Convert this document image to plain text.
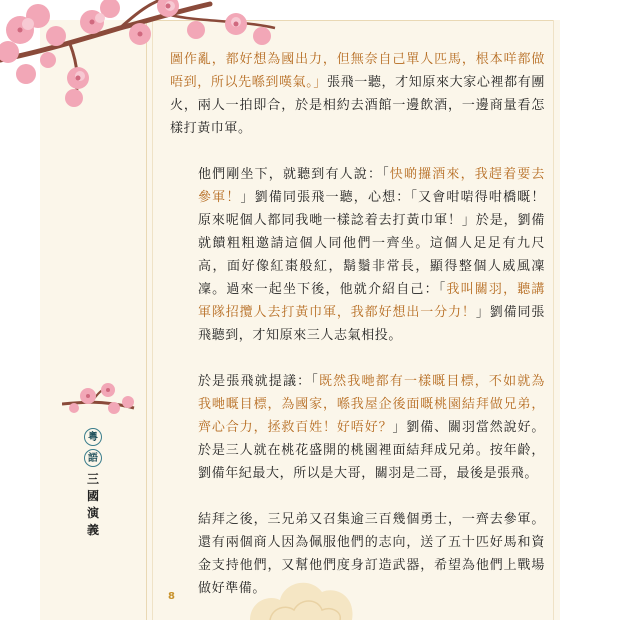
圖作亂，都好想為國出力，但無奈自己單人匹馬，根本咩都做唔到，所以先喺到嘆氣。」張飛一聽，才知原來大家心裡都有團火，兩人一拍即合，於是相約去酒館一邊飲酒，一邊商量看怎樣打黃巾軍。

他們剛坐下，就聽到有人說：「快啲攞酒來，我趕着要去參軍！」劉備同張飛一聽，心想：「又會咁啱得咁橋嘅！原來呢個人都同我哋一樣諗着去打黃巾軍！」於是，劉備就饋粗粗邀請這個人同他們一齊坐。這個人足足有九尺高，面好像紅棗般紅，鬍鬚非常長，顯得整個人威風凜凜。過來一起坐下後，他就介紹自己：「我叫關羽，聽講軍隊招攬人去打黃巾軍，我都好想出一分力！」劉備同張飛聽到，才知原來三人志氣相投。

於是張飛就提議：「既然我哋都有一樣嘅目標，不如就為我哋嘅目標，為國家，喺我屋企後面嘅桃園結拜做兄弟，齊心合力，拯救百姓！好唔好？」劉備、關羽當然說好。於是三人就在桃花盛開的桃園裡面結拜成兄弟。按年齡，劉備年紀最大，所以是大哥，關羽是二哥，最後是張飛。

結拜之後，三兄弟又召集逾三百幾個勇士，一齊去參軍。還有兩個商人因為佩服他們的志向，送了五十匹好馬和資金支持他們，又幫他們度身訂造武器，希望為他們上戰場做好準備。

粵
語
三
國
演
義
8
